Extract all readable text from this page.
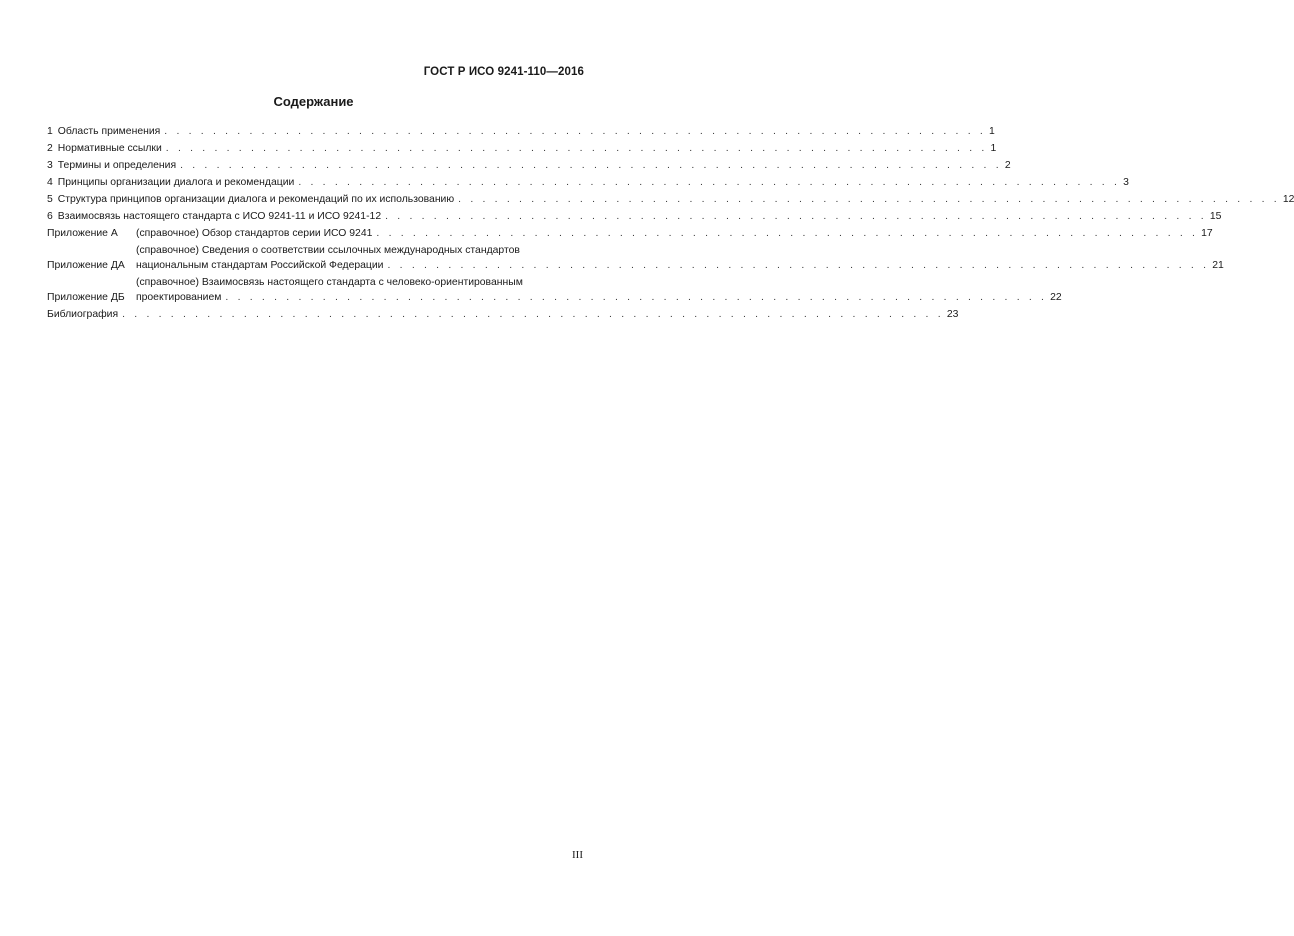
ГОСТ Р ИСО 9241-110—2016
Содержание
1 Область применения . . . . . . . . . . . . . . . . . . . . . . . . . . . . . . . . . . . . . . . . . . . . . . . . . . . . . . . . . . . . . . . . . . . . 1
2 Нормативные ссылки . . . . . . . . . . . . . . . . . . . . . . . . . . . . . . . . . . . . . . . . . . . . . . . . . . . . . . . . . . . . . . . . . . . . 1
3 Термины и определения . . . . . . . . . . . . . . . . . . . . . . . . . . . . . . . . . . . . . . . . . . . . . . . . . . . . . . . . . . . . . . . . . . . . 2
4 Принципы организации диалога и рекомендации . . . . . . . . . . . . . . . . . . . . . . . . . . . . . . . . . . . . . . . . . . . . . . . . . . . . . . . . . . . . . . . . . . . . 3
5 Структура принципов организации диалога и рекомендаций по их использованию . . . . . . . . . . . . . . . . . . . . . . . . . . . . . . . . . . . . . . . . . . . . . . . . . . . . . . . . . . . . . . . . . . . . 12
6 Взаимосвязь настоящего стандарта с ИСО 9241-11 и ИСО 9241-12 . . . . . . . . . . . . . . . . . . . . . . . . . . . . . . . . . . . . . . . . . . . . . . . . . . . . . . . . . . . . . . . . . . . . 15
Приложение А	(справочное) Обзор стандартов серии ИСО 9241 . . . . . . . . . . . . . . . . . . . . . . . . . . . . . . . . . . . . . . . . . . . . . . . . . . . . . . . . . . . . . . . . . . . . 17
Приложение ДА
(справочное) Сведения о соответствии ссылочных международных стандартов
национальным стандартам Российской Федерации . . . . . . . . . . . . . . . . . . . . . . . . . . . . . . . . . . . . . . . . . . . . . . . . . . . . . . . . . . . . . . . . . . . . 21
Приложение ДБ
(справочное) Взаимосвязь настоящего стандарта с человеко-ориентированным
проектированием . . . . . . . . . . . . . . . . . . . . . . . . . . . . . . . . . . . . . . . . . . . . . . . . . . . . . . . . . . . . . . . . . . . . 22
Библиография . . . . . . . . . . . . . . . . . . . . . . . . . . . . . . . . . . . . . . . . . . . . . . . . . . . . . . . . . . . . . . . . . . . . 23
III
